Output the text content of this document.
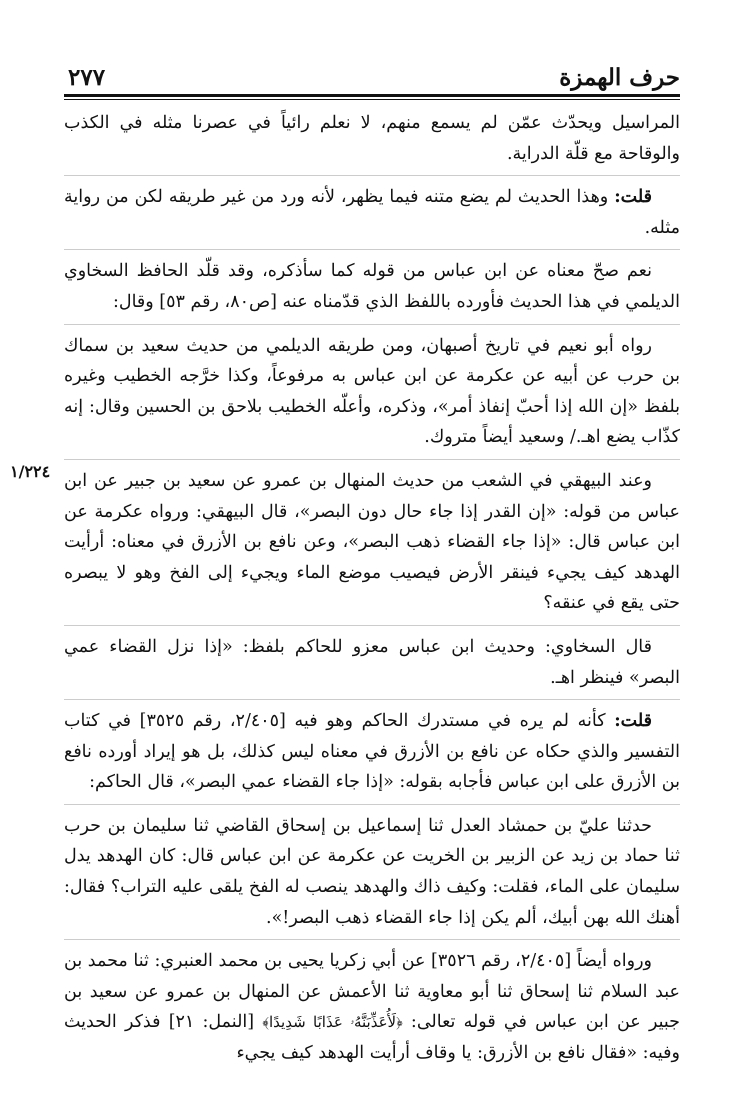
حرف الهمزة
٢٧٧
١/٢٢٤

المراسيل ويحدّث عمّن لم يسمع منهم، لا نعلم رائياً في عصرنا مثله في الكذب والوقاحة مع قلّة الدراية.

قلت: وهذا الحديث لم يضع متنه فيما يظهر، لأنه ورد من غير طريقه لكن من رواية مثله.

نعم صحّ معناه عن ابن عباس من قوله كما سأذكره، وقد قلّد الحافظ السخاوي الديلمي في هذا الحديث فأورده باللفظ الذي قدّمناه عنه [ص٨٠، رقم ٥٣] وقال:

رواه أبو نعيم في تاريخ أصبهان، ومن طريقه الديلمي من حديث سعيد بن سماك بن حرب عن أبيه عن عكرمة عن ابن عباس به مرفوعاً، وكذا خرَّجه الخطيب وغيره بلفظ «إن الله إذا أحبّ إنفاذ أمر»، وذكره، وأعلّه الخطيب بلاحق بن الحسين وقال: إنه كذّاب يضع اهـ./ وسعيد أيضاً متروك.

وعند البيهقي في الشعب من حديث المنهال بن عمرو عن سعيد بن جبير عن ابن عباس من قوله: «إن القدر إذا جاء حال دون البصر»، قال البيهقي: ورواه عكرمة عن ابن عباس قال: «إذا جاء القضاء ذهب البصر»، وعن نافع بن الأزرق في معناه: أرأيت الهدهد كيف يجيء فينقر الأرض فيصيب موضع الماء ويجيء إلى الفخ وهو لا يبصره حتى يقع في عنقه؟

قال السخاوي: وحديث ابن عباس معزو للحاكم بلفظ: «إذا نزل القضاء عمي البصر» فينظر اهـ.

قلت: كأنه لم يره في مستدرك الحاكم وهو فيه [٢/٤٠٥، رقم ٣٥٢٥] في كتاب التفسير والذي حكاه عن نافع بن الأزرق في معناه ليس كذلك، بل هو إيراد أورده نافع بن الأزرق على ابن عباس فأجابه بقوله: «إذا جاء القضاء عمي البصر»، قال الحاكم:

حدثنا عليّ بن حمشاد العدل ثنا إسماعيل بن إسحاق القاضي ثنا سليمان بن حرب ثنا حماد بن زيد عن الزبير بن الخريت عن عكرمة عن ابن عباس قال: كان الهدهد يدل سليمان على الماء، فقلت: وكيف ذاك والهدهد ينصب له الفخ يلقى عليه التراب؟ فقال: أهنك الله بهن أبيك، ألم يكن إذا جاء القضاء ذهب البصر!».

ورواه أيضاً [٢/٤٠٥، رقم ٣٥٢٦] عن أبي زكريا يحيى بن محمد العنبري: ثنا محمد بن عبد السلام ثنا إسحاق ثنا أبو معاوية ثنا الأعمش عن المنهال بن عمرو عن سعيد بن جبير عن ابن عباس في قوله تعالى: ﴿لَأُعَذِّبَنَّهُۥ عَذَابًا شَدِيدًا﴾ [النمل: ٢١] فذكر الحديث وفيه: «فقال نافع بن الأزرق: يا وقاف أرأيت الهدهد كيف يجيء
